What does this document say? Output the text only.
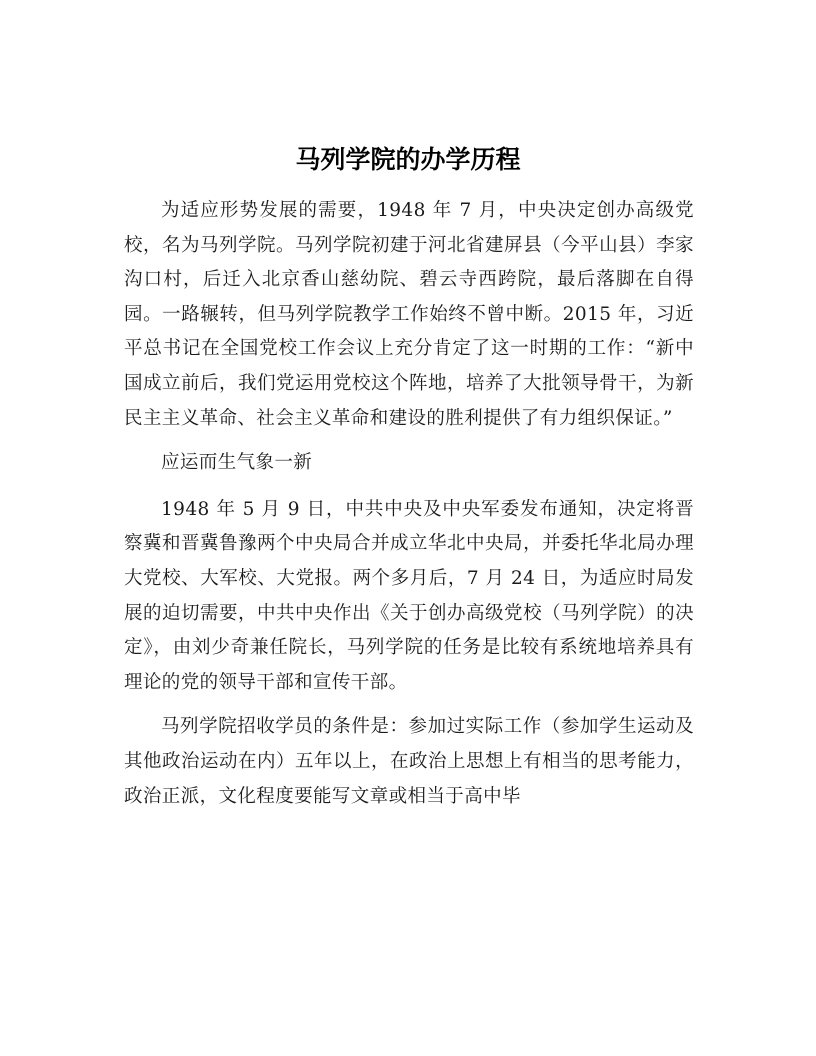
马列学院的办学历程

为适应形势发展的需要，1948 年 7 月，中央决定创办高级党校，名为马列学院。马列学院初建于河北省建屏县（今平山县）李家沟口村，后迁入北京香山慈幼院、碧云寺西跨院，最后落脚在自得园。一路辗转，但马列学院教学工作始终不曾中断。2015 年，习近平总书记在全国党校工作会议上充分肯定了这一时期的工作：“新中国成立前后，我们党运用党校这个阵地，培养了大批领导骨干，为新民主主义革命、社会主义革命和建设的胜利提供了有力组织保证。”

应运而生气象一新

1948 年 5 月 9 日，中共中央及中央军委发布通知，决定将晋察冀和晋冀鲁豫两个中央局合并成立华北中央局，并委托华北局办理大党校、大军校、大党报。两个多月后，7 月 24 日，为适应时局发展的迫切需要，中共中央作出《关于创办高级党校（马列学院）的决定》，由刘少奇兼任院长，马列学院的任务是比较有系统地培养具有理论的党的领导干部和宣传干部。

马列学院招收学员的条件是：参加过实际工作（参加学生运动及其他政治运动在内）五年以上，在政治上思想上有相当的思考能力，政治正派，文化程度要能写文章或相当于高中毕
